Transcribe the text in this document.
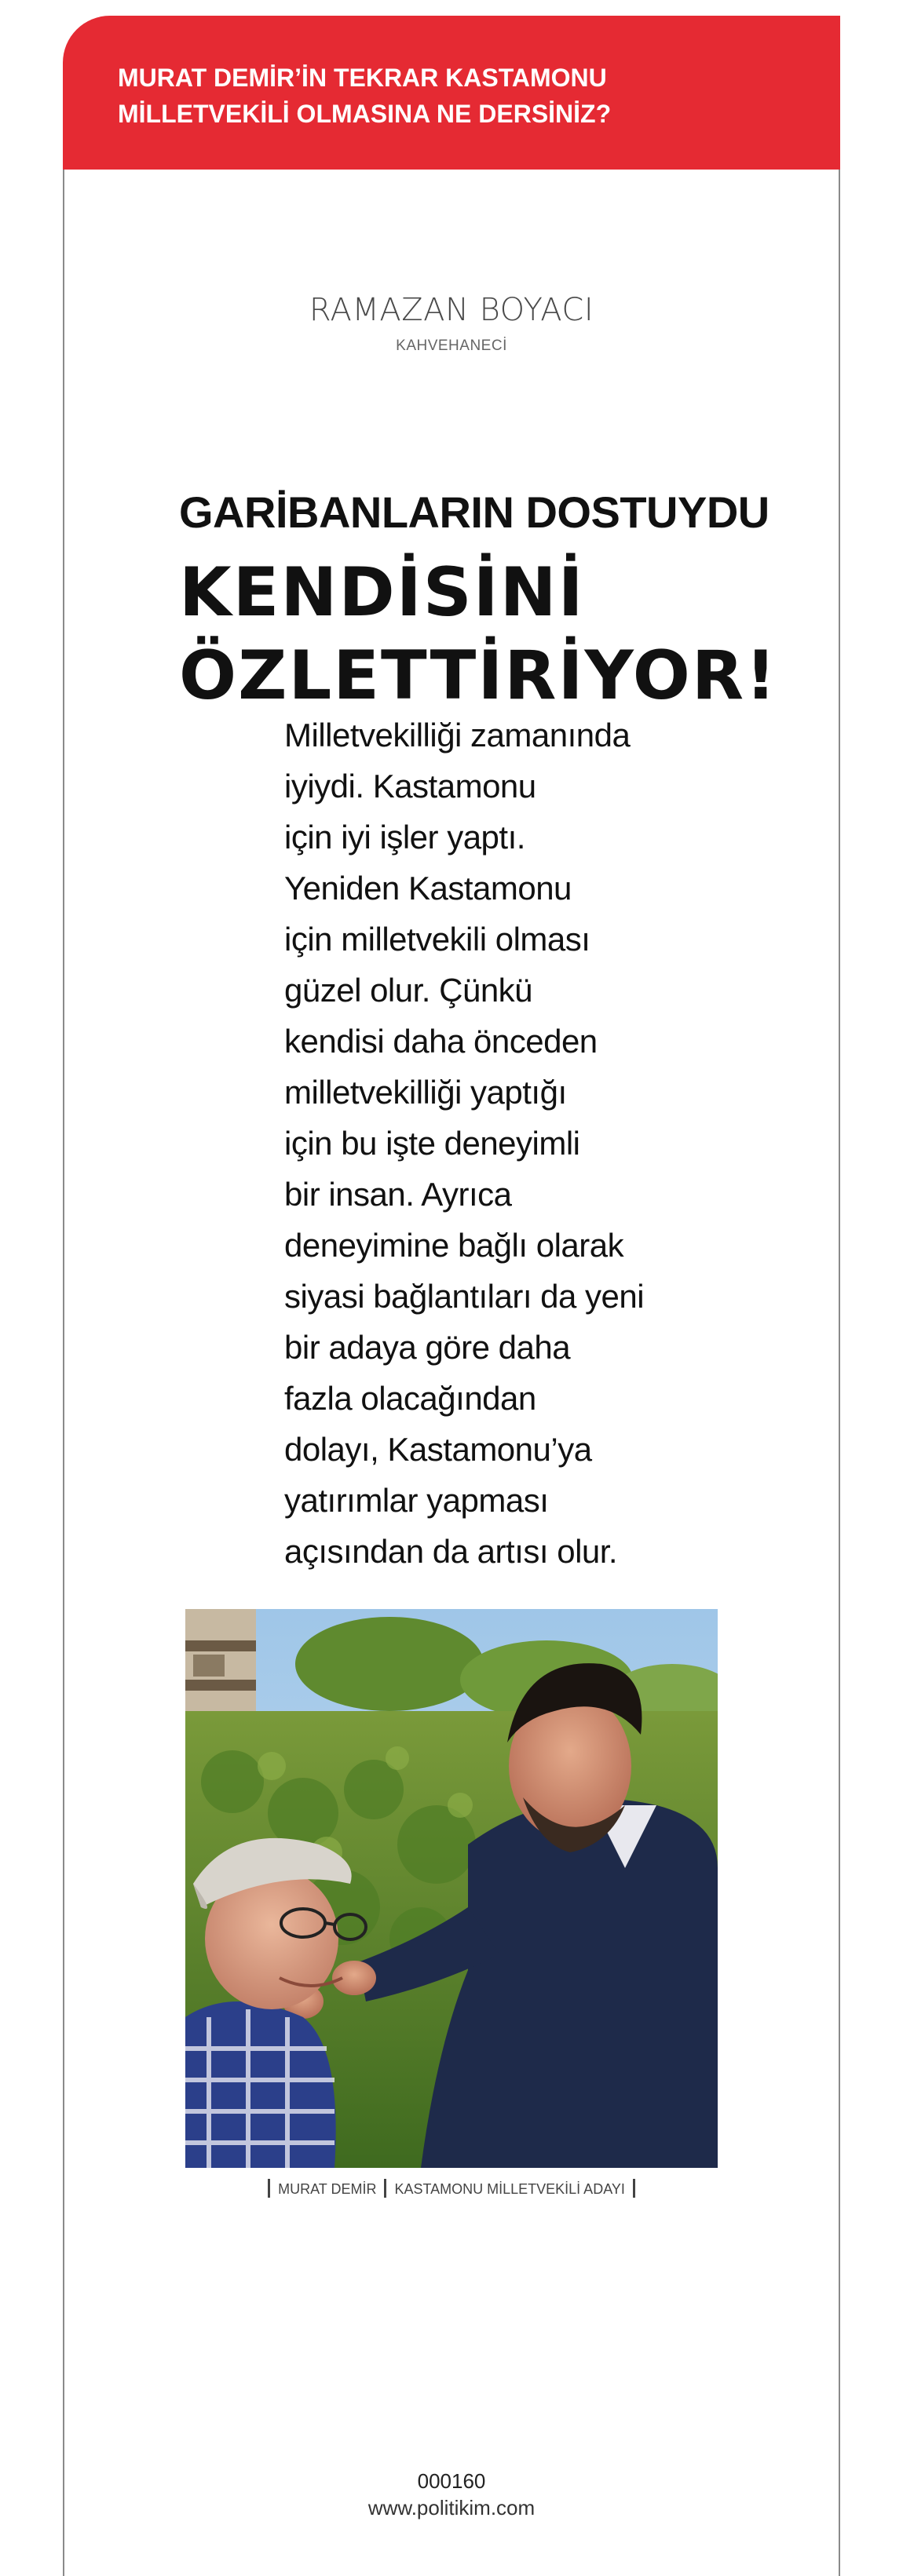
MURAT DEMİR’İN TEKRAR KASTAMONU
MİLLETVEKİLİ OLMASINA NE DERSİNİZ?
RAMAZAN BOYACI
KAHVEHANECİ
GARİBANLARIN DOSTUYDU
KENDİSİNİ
ÖZLETTİRİYOR!
Milletvekilliği zamanında
iyiydi. Kastamonu
için iyi işler yaptı.
Yeniden Kastamonu
için milletvekili olması
güzel olur. Çünkü
kendisi daha önceden
milletvekilliği yaptığı
için bu işte deneyimli
bir insan. Ayrıca
deneyimine bağlı olarak
siyasi bağlantıları da yeni
bir adaya göre daha
fazla olacağından
dolayı, Kastamonu’ya
yatırımlar yapması
açısından da artısı olur.
MURAT DEMİR KASTAMONU MİLLETVEKİLİ ADAYI
000160
www.politikim.com
